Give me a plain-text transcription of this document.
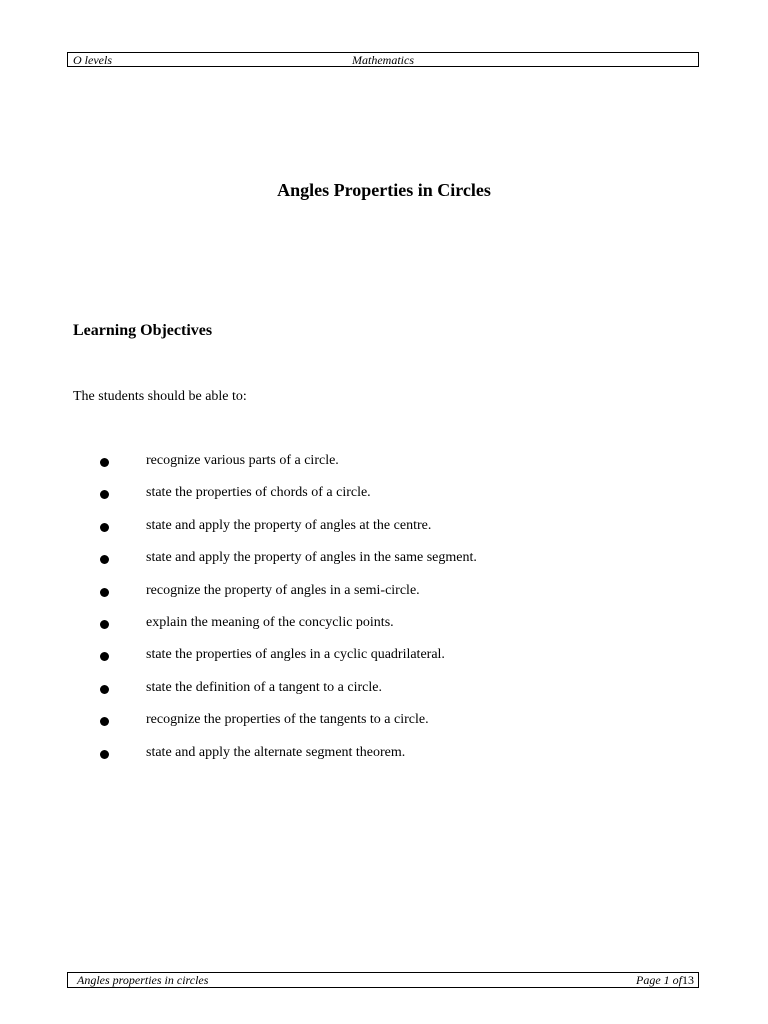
O levels	Mathematics
Angles Properties in Circles
Learning Objectives
The students should be able to:
recognize various parts of a circle.
state the properties of chords of a circle.
state and apply the property of angles at the centre.
state and apply the property of angles in the same segment.
recognize the property of angles in a semi-circle.
explain the meaning of the concyclic points.
state the properties of angles in a cyclic quadrilateral.
state the definition of a tangent to a circle.
recognize the properties of the tangents to a circle.
state and apply the alternate segment theorem.
Angles properties in circles	Page 1 of13
